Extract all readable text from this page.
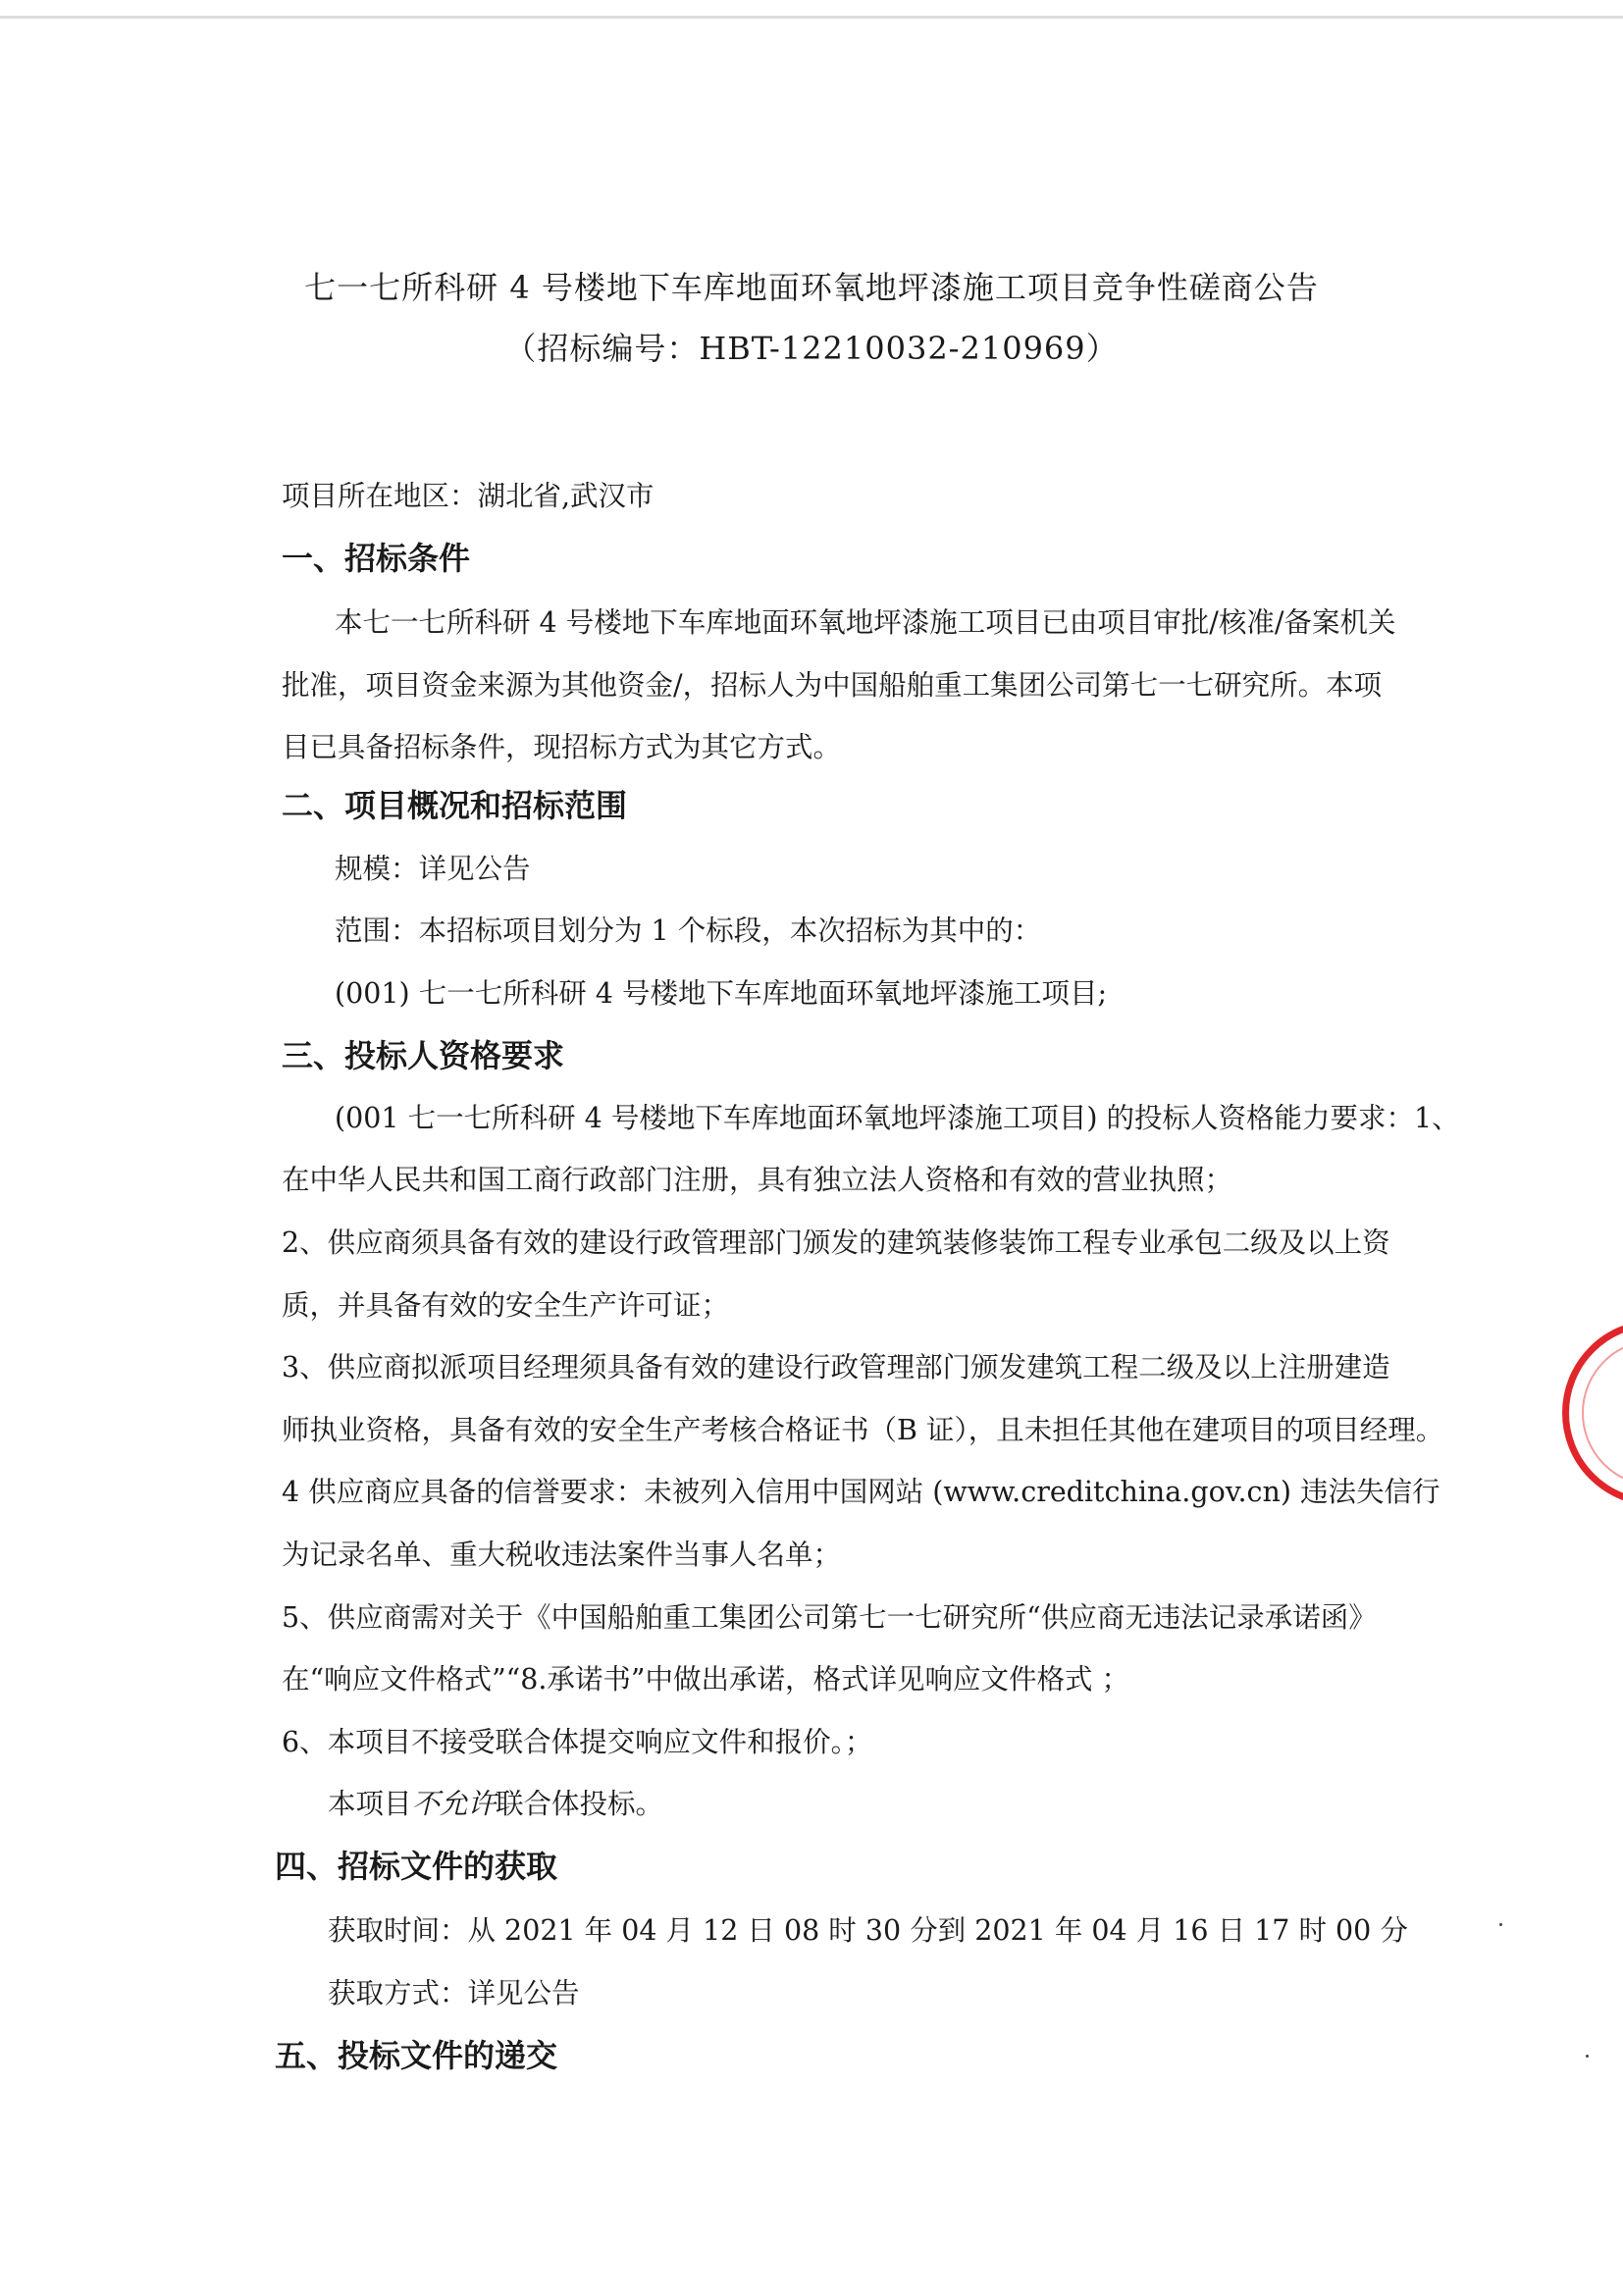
七一七所科研 4 号楼地下车库地面环氧地坪漆施工项目竞争性磋商公告
（招标编号：HBT-12210032-210969）
项目所在地区：湖北省,武汉市
一、招标条件
本七一七所科研 4 号楼地下车库地面环氧地坪漆施工项目已由项目审批/核准/备案机关
批准，项目资金来源为其他资金/，招标人为中国船舶重工集团公司第七一七研究所。本项
目已具备招标条件，现招标方式为其它方式。
二、项目概况和招标范围
规模：详见公告
范围：本招标项目划分为 1 个标段，本次招标为其中的：
(001) 七一七所科研 4 号楼地下车库地面环氧地坪漆施工项目;
三、投标人资格要求
(001 七一七所科研 4 号楼地下车库地面环氧地坪漆施工项目) 的投标人资格能力要求：1、
在中华人民共和国工商行政部门注册，具有独立法人资格和有效的营业执照；
2、供应商须具备有效的建设行政管理部门颁发的建筑装修装饰工程专业承包二级及以上资
质，并具备有效的安全生产许可证；
3、供应商拟派项目经理须具备有效的建设行政管理部门颁发建筑工程二级及以上注册建造
师执业资格，具备有效的安全生产考核合格证书（B 证），且未担任其他在建项目的项目经理。
4 供应商应具备的信誉要求：未被列入信用中国网站 (www.creditchina.gov.cn) 违法失信行
为记录名单、重大税收违法案件当事人名单；
5、供应商需对关于《中国船舶重工集团公司第七一七研究所“供应商无违法记录承诺函》
在“响应文件格式”“8.承诺书”中做出承诺，格式详见响应文件格式 ；
6、本项目不接受联合体提交响应文件和报价。；
本项目不允许联合体投标。
四、招标文件的获取
获取时间：从 2021 年 04 月 12 日 08 时 30 分到 2021 年 04 月 16 日 17 时 00 分
获取方式：详见公告
五、投标文件的递交
